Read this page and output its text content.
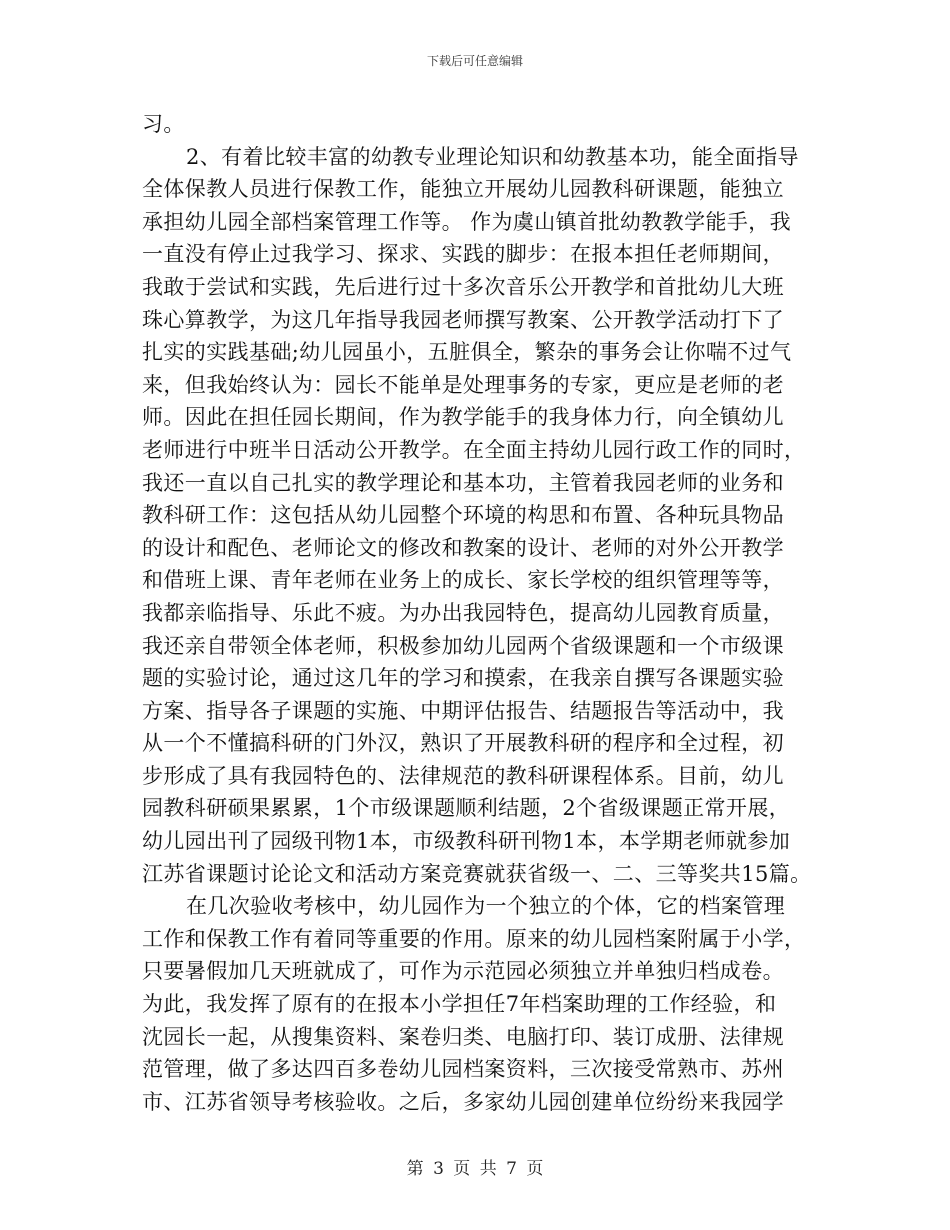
下载后可任意编辑
习。
2、有着比较丰富的幼教专业理论知识和幼教基本功，能全面指导
全体保教人员进行保教工作，能独立开展幼儿园教科研课题，能独立
承担幼儿园全部档案管理工作等。 作为虞山镇首批幼教教学能手，我
一直没有停止过我学习、探求、实践的脚步：在报本担任老师期间，
我敢于尝试和实践，先后进行过十多次音乐公开教学和首批幼儿大班
珠心算教学，为这几年指导我园老师撰写教案、公开教学活动打下了
扎实的实践基础;幼儿园虽小，五脏俱全，繁杂的事务会让你喘不过气
来，但我始终认为：园长不能单是处理事务的专家，更应是老师的老
师。因此在担任园长期间，作为教学能手的我身体力行，向全镇幼儿
老师进行中班半日活动公开教学。在全面主持幼儿园行政工作的同时，
我还一直以自己扎实的教学理论和基本功，主管着我园老师的业务和
教科研工作：这包括从幼儿园整个环境的构思和布置、各种玩具物品
的设计和配色、老师论文的修改和教案的设计、老师的对外公开教学
和借班上课、青年老师在业务上的成长、家长学校的组织管理等等，
我都亲临指导、乐此不疲。为办出我园特色，提高幼儿园教育质量，
我还亲自带领全体老师，积极参加幼儿园两个省级课题和一个市级课
题的实验讨论，通过这几年的学习和摸索，在我亲自撰写各课题实验
方案、指导各子课题的实施、中期评估报告、结题报告等活动中，我
从一个不懂搞科研的门外汉，熟识了开展教科研的程序和全过程，初
步形成了具有我园特色的、法律规范的教科研课程体系。目前，幼儿
园教科研硕果累累，1个市级课题顺利结题，2个省级课题正常开展，
幼儿园出刊了园级刊物1本，市级教科研刊物1本，本学期老师就参加
江苏省课题讨论论文和活动方案竞赛就获省级一、二、三等奖共15篇。
在几次验收考核中，幼儿园作为一个独立的个体，它的档案管理
工作和保教工作有着同等重要的作用。原来的幼儿园档案附属于小学，
只要暑假加几天班就成了，可作为示范园必须独立并单独归档成卷。
为此，我发挥了原有的在报本小学担任7年档案助理的工作经验，和
沈园长一起，从搜集资料、案卷归类、电脑打印、装订成册、法律规
范管理，做了多达四百多卷幼儿园档案资料，三次接受常熟市、苏州
市、江苏省领导考核验收。之后，多家幼儿园创建单位纷纷来我园学
第 3 页 共 7 页
